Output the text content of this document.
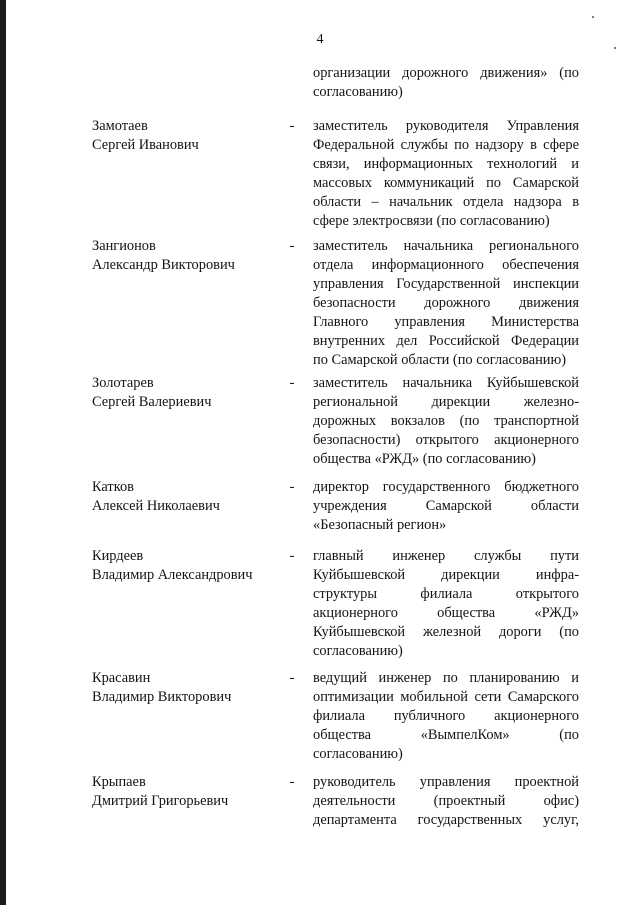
4
организации дорожного движения» (по
согласованию)
Замотаев
Сергей Иванович
- заместитель руководителя Управления
Федеральной службы по надзору в сфере
связи, информационных технологий и
массовых коммуникаций по Самарской
области – начальник отдела надзора в
сфере электросвязи (по согласованию)
Зангионов
Александр Викторович
- заместитель начальника регионального
отдела информационного обеспечения
управления Государственной инспекции
безопасности дорожного движения
Главного управления Министерства
внутренних дел Российской Федерации
по Самарской области (по согласованию)
Золотарев
Сергей Валериевич
- заместитель начальника Куйбышевской
региональной дирекции железно-
дорожных вокзалов (по транспортной
безопасности) открытого акционерного
общества «РЖД» (по согласованию)
Катков
Алексей Николаевич
- директор государственного бюджетного
учреждения Самарской области
«Безопасный регион»
Кирдеев
Владимир Александрович
- главный инженер службы пути
Куйбышевской дирекции инфра-
структуры филиала открытого
акционерного общества «РЖД»
Куйбышевской железной дороги (по
согласованию)
Красавин
Владимир Викторович
- ведущий инженер по планированию и
оптимизации мобильной сети Самарского
филиала публичного акционерного
общества «ВымпелКом» (по
согласованию)
Крыпаев
Дмитрий Григорьевич
- руководитель управления проектной
деятельности (проектный офис)
департамента государственных услуг,
